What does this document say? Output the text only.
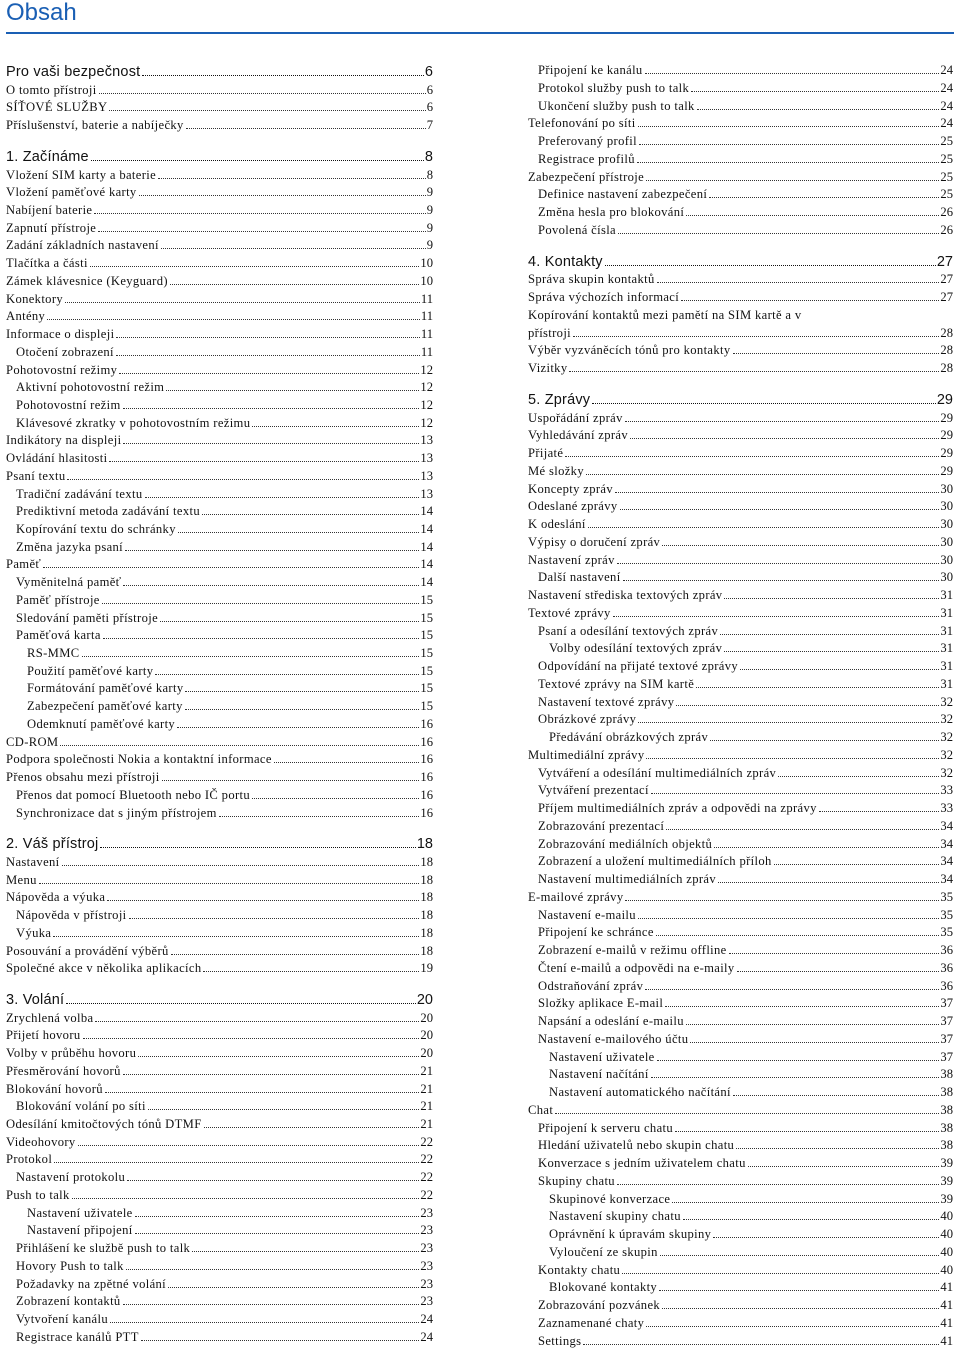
Obsah
Pro vaši bezpečnost	6
O tomto přístroji	6
SÍŤOVÉ SLUŽBY	6
Příslušenství, baterie a nabíječky	7
1. Začínáme	8
Vložení SIM karty a baterie	8
Vložení paměťové karty	9
Nabíjení baterie	9
Zapnutí přístroje	9
Zadání základních nastavení	9
Tlačítka a části	10
Zámek klávesnice (Keyguard)	10
Konektory	11
Antény	11
Informace o displeji	11
Otočení zobrazení	11
Pohotovostní režimy	12
Aktivní pohotovostní režim	12
Pohotovostní režim	12
Klávesové zkratky v pohotovostním režimu	12
Indikátory na displeji	13
Ovládání hlasitosti	13
Psaní textu	13
Tradiční zadávání textu	13
Prediktivní metoda zadávání textu	14
Kopírování textu do schránky	14
Změna jazyka psaní	14
Paměť	14
Vyměnitelná paměť	14
Paměť přístroje	15
Sledování paměti přístroje	15
Paměťová karta	15
RS-MMC	15
Použití paměťové karty	15
Formátování paměťové karty	15
Zabezpečení paměťové karty	15
Odemknutí paměťové karty	16
CD-ROM	16
Podpora společnosti Nokia a kontaktní informace	16
Přenos obsahu mezi přístroji	16
Přenos dat pomocí Bluetooth nebo IČ portu	16
Synchronizace dat s jiným přístrojem	16
2. Váš přístroj	18
Nastavení	18
Menu	18
Nápověda a výuka	18
Nápověda v přístroji	18
Výuka	18
Posouvání a provádění výběrů	18
Společné akce v několika aplikacích	19
3. Volání	20
Zrychlená volba	20
Přijetí hovoru	20
Volby v průběhu hovoru	20
Přesměrování hovorů	21
Blokování hovorů	21
Blokování volání po síti	21
Odesílání kmitočtových tónů DTMF	21
Videohovory	22
Protokol	22
Nastavení protokolu	22
Push to talk	22
Nastavení uživatele	23
Nastavení připojení	23
Přihlášení ke službě push to talk	23
Hovory Push to talk	23
Požadavky na zpětné volání	23
Zobrazení kontaktů	23
Vytvoření kanálu	24
Registrace kanálů PTT	24
Připojení ke kanálu	24
Protokol služby push to talk	24
Ukončení služby push to talk	24
Telefonování po síti	24
Preferovaný profil	25
Registrace profilů	25
Zabezpečení přístroje	25
Definice nastavení zabezpečení	25
Změna hesla pro blokování	26
Povolená čísla	26
4. Kontakty	27
Správa skupin kontaktů	27
Správa výchozích informací	27
Kopírování kontaktů mezi pamětí na SIM kartě a v
přístroji	28
Výběr vyzváněcích tónů pro kontakty	28
Vizitky	28
5. Zprávy	29
Uspořádání zpráv	29
Vyhledávání zpráv	29
Přijaté	29
Mé složky	29
Koncepty zpráv	30
Odeslané zprávy	30
K odeslání	30
Výpisy o doručení zpráv	30
Nastavení zpráv	30
Další nastavení	30
Nastavení střediska textových zpráv	31
Textové zprávy	31
Psaní a odesílání textových zpráv	31
Volby odesílání textových zpráv	31
Odpovídání na přijaté textové zprávy	31
Textové zprávy na SIM kartě	31
Nastavení textové zprávy	32
Obrázkové zprávy	32
Předávání obrázkových zpráv	32
Multimediální zprávy	32
Vytváření a odesílání multimediálních zpráv	32
Vytváření prezentací	33
Příjem multimediálních zpráv a odpovědi na zprávy	33
Zobrazování prezentací	34
Zobrazování mediálních objektů	34
Zobrazení a uložení multimediálních příloh	34
Nastavení multimediálních zpráv	34
E-mailové zprávy	35
Nastavení e-mailu	35
Připojení ke schránce	35
Zobrazení e-mailů v režimu offline	36
Čtení e-mailů a odpovědi na e-maily	36
Odstraňování zpráv	36
Složky aplikace E-mail	37
Napsání a odeslání e-mailu	37
Nastavení e-mailového účtu	37
Nastavení uživatele	37
Nastavení načítání	38
Nastavení automatického načítání	38
Chat	38
Připojení k serveru chatu	38
Hledání uživatelů nebo skupin chatu	38
Konverzace s jedním uživatelem chatu	39
Skupiny chatu	39
Skupinové konverzace	39
Nastavení skupiny chatu	40
Oprávnění k úpravám skupiny	40
Vyloučení ze skupin	40
Kontakty chatu	40
Blokované kontakty	41
Zobrazování pozvánek	41
Zaznamenané chaty	41
Settings	41
